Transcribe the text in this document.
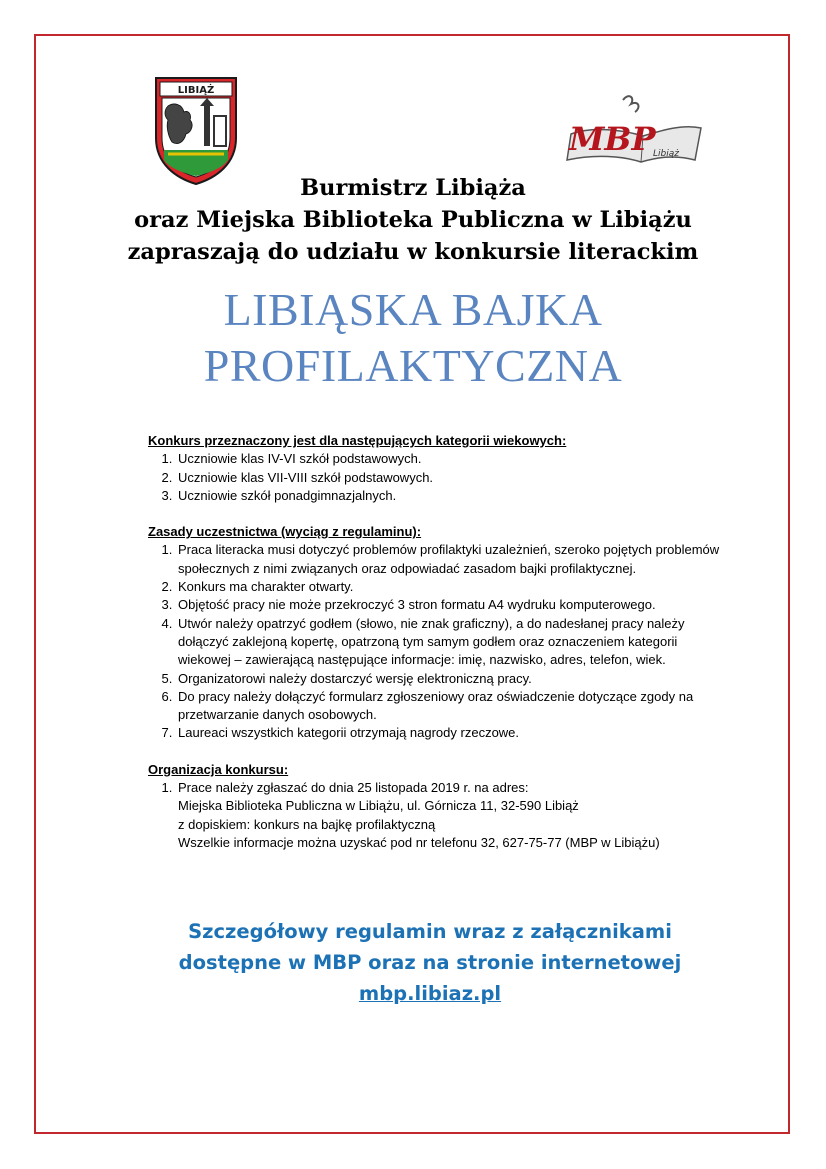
LIBIĄŻ
MBP
Libiąż
Burmistrz Libiąża
oraz Miejska Biblioteka Publiczna w Libiążu
zapraszają do udziału w konkursie literackim
LIBIĄSKA BAJKA
PROFILAKTYCZNA

Konkurs przeznaczony jest dla następujących kategorii wiekowych:

1. Uczniowie klas IV-VI szkół podstawowych.
2. Uczniowie klas VII-VIII szkół podstawowych.
3. Uczniowie szkół ponadgimnazjalnych.

Zasady uczestnictwa (wyciąg z regulaminu):

1. Praca literacka musi dotyczyć problemów profilaktyki uzależnień, szeroko pojętych problemów społecznych z nimi związanych oraz odpowiadać zasadom bajki profilaktycznej.
2. Konkurs ma charakter otwarty.
3. Objętość pracy nie może przekroczyć 3 stron formatu A4 wydruku komputerowego.
4. Utwór należy opatrzyć godłem (słowo, nie znak graficzny), a do nadesłanej pracy należy dołączyć zaklejoną kopertę, opatrzoną tym samym godłem oraz oznaczeniem kategorii wiekowej – zawierającą następujące informacje: imię, nazwisko, adres, telefon, wiek.
5. Organizatorowi należy dostarczyć wersję elektroniczną pracy.
6. Do pracy należy dołączyć formularz zgłoszeniowy oraz oświadczenie dotyczące zgody na przetwarzanie danych osobowych.
7. Laureaci wszystkich kategorii otrzymają nagrody rzeczowe.

Organizacja konkursu:

1. Prace należy zgłaszać do dnia 25 listopada 2019 r. na adres:
Miejska Biblioteka Publiczna w Libiążu, ul. Górnicza 11, 32-590 Libiąż
z dopiskiem: konkurs na bajkę profilaktyczną
Wszelkie informacje można uzyskać pod nr telefonu 32, 627-75-77 (MBP w Libiążu)
Szczegółowy regulamin wraz z załącznikami
dostępne w MBP oraz na stronie internetowej
mbp.libiaz.pl
